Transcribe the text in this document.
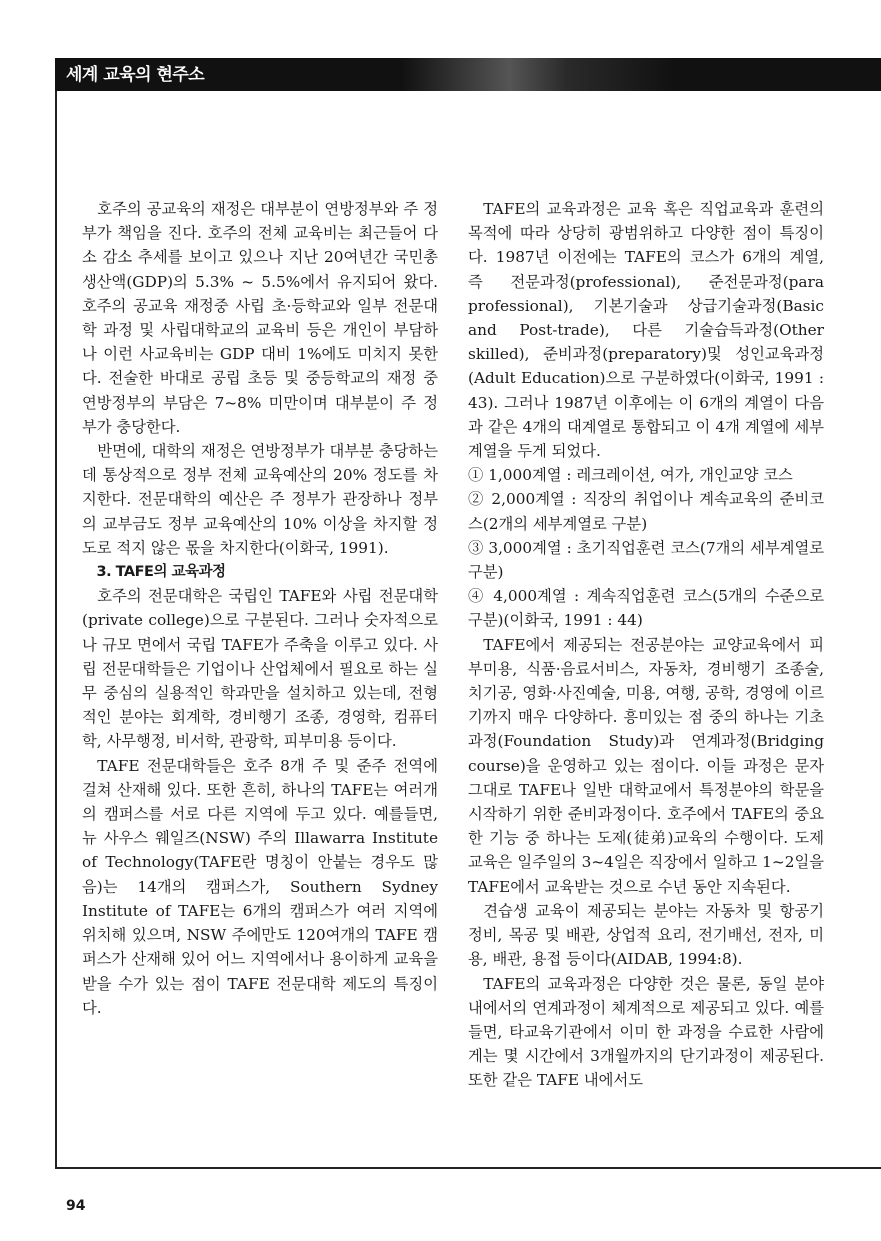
세계 교육의 현주소

호주의 공교육의 재정은 대부분이 연방정부와 주 정부가 책임을 진다. 호주의 전체 교육비는 최근들어 다소 감소 추세를 보이고 있으나 지난 20여년간 국민총생산액(GDP)의 5.3% ~ 5.5%에서 유지되어 왔다. 호주의 공교육 재정중 사립 초·등학교와 일부 전문대학 과정 및 사립대학교의 교육비 등은 개인이 부담하나 이런 사교육비는 GDP 대비 1%에도 미치지 못한다. 전술한 바대로 공립 초등 및 중등학교의 재정 중 연방정부의 부담은 7~8% 미만이며 대부분이 주 정부가 충당한다.

반면에, 대학의 재정은 연방정부가 대부분 충당하는데 통상적으로 정부 전체 교육예산의 20% 정도를 차지한다. 전문대학의 예산은 주 정부가 관장하나 정부의 교부금도 정부 교육예산의 10% 이상을 차지할 정도로 적지 않은 몫을 차지한다(이화국, 1991).

3. TAFE의 교육과정

호주의 전문대학은 국립인 TAFE와 사립 전문대학(private college)으로 구분된다. 그러나 숫자적으로나 규모 면에서 국립 TAFE가 주축을 이루고 있다. 사립 전문대학들은 기업이나 산업체에서 필요로 하는 실무 중심의 실용적인 학과만을 설치하고 있는데, 전형적인 분야는 회계학, 경비행기 조종, 경영학, 컴퓨터학, 사무행정, 비서학, 관광학, 피부미용 등이다.

TAFE 전문대학들은 호주 8개 주 및 준주 전역에 걸쳐 산재해 있다. 또한 흔히, 하나의 TAFE는 여러개의 캠퍼스를 서로 다른 지역에 두고 있다. 예를들면, 뉴 사우스 웨일즈(NSW) 주의 Illawarra Institute of Technology(TAFE란 명칭이 안붙는 경우도 많음)는 14개의 캠퍼스가, Southern Sydney Institute of TAFE는 6개의 캠퍼스가 여러 지역에 위치해 있으며, NSW 주에만도 120여개의 TAFE 캠퍼스가 산재해 있어 어느 지역에서나 용이하게 교육을 받을 수가 있는 점이 TAFE 전문대학 제도의 특징이다.

TAFE의 교육과정은 교육 혹은 직업교육과 훈련의 목적에 따라 상당히 광범위하고 다양한 점이 특징이다. 1987년 이전에는 TAFE의 코스가 6개의 계열, 즉 전문과정(professional), 준전문과정(para professional), 기본기술과 상급기술과정(Basic and Post-trade), 다른 기술습득과정(Other skilled), 준비과정(preparatory)및 성인교육과정(Adult Education)으로 구분하였다(이화국, 1991 : 43). 그러나 1987년 이후에는 이 6개의 계열이 다음과 같은 4개의 대계열로 통합되고 이 4개 계열에 세부 계열을 두게 되었다.

① 1,000계열 : 레크레이션, 여가, 개인교양 코스

② 2,000계열 : 직장의 취업이나 계속교육의 준비코스(2개의 세부계열로 구분)

③ 3,000계열 : 초기직업훈련 코스(7개의 세부계열로 구분)

④ 4,000계열 : 계속직업훈련 코스(5개의 수준으로 구분)(이화국, 1991 : 44)

TAFE에서 제공되는 전공분야는 교양교육에서 피부미용, 식품·음료서비스, 자동차, 경비행기 조종술, 치기공, 영화·사진예술, 미용, 여행, 공학, 경영에 이르기까지 매우 다양하다. 흥미있는 점 중의 하나는 기초과정(Foundation Study)과 연계과정(Bridging course)을 운영하고 있는 점이다. 이들 과정은 문자 그대로 TAFE나 일반 대학교에서 특정분야의 학문을 시작하기 위한 준비과정이다. 호주에서 TAFE의 중요한 기능 중 하나는 도제(徒弟)교육의 수행이다. 도제교육은 일주일의 3~4일은 직장에서 일하고 1~2일을 TAFE에서 교육받는 것으로 수년 동안 지속된다.

견습생 교육이 제공되는 분야는 자동차 및 항공기 정비, 목공 및 배관, 상업적 요리, 전기배선, 전자, 미용, 배관, 용접 등이다(AIDAB, 1994:8).

TAFE의 교육과정은 다양한 것은 물론, 동일 분야내에서의 연계과정이 체계적으로 제공되고 있다. 예를들면, 타교육기관에서 이미 한 과정을 수료한 사람에게는 몇 시간에서 3개월까지의 단기과정이 제공된다. 또한 같은 TAFE 내에서도

94
